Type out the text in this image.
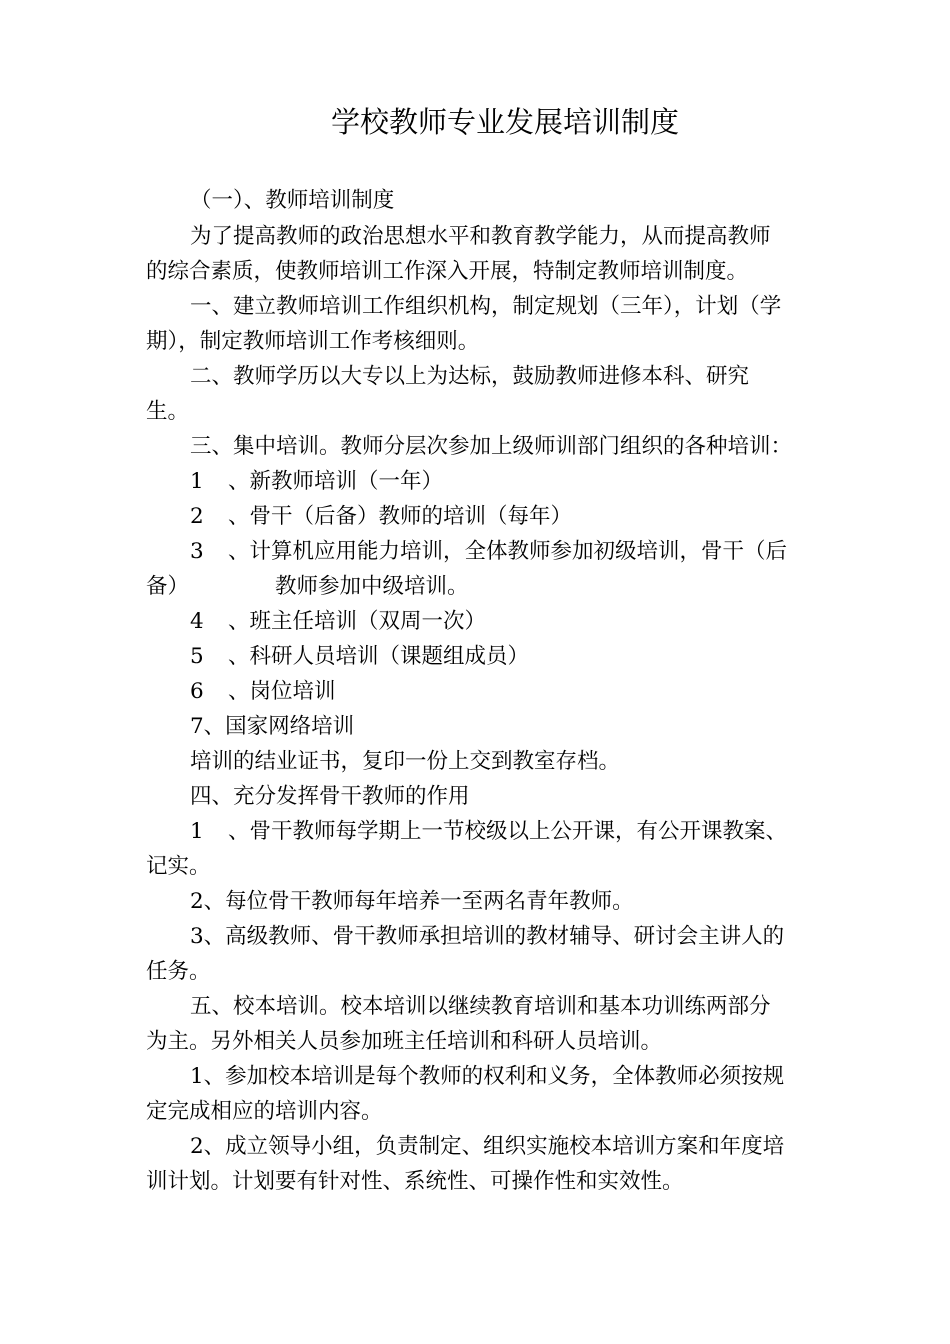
学校教师专业发展培训制度
（一）、教师培训制度
为了提高教师的政治思想水平和教育教学能力，从而提高教师
的综合素质，使教师培训工作深入开展，特制定教师培训制度。
一、建立教师培训工作组织机构，制定规划（三年），计划（学
期），制定教师培训工作考核细则。
二、教师学历以大专以上为达标，鼓励教师进修本科、研究
生。
三、集中培训。教师分层次参加上级师训部门组织的各种培训：
1 、新教师培训（一年）
2 、骨干（后备）教师的培训（每年）
3 、计算机应用能力培训，全体教师参加初级培训，骨干（后
备）	教师参加中级培训。
4 、班主任培训（双周一次）
5 、科研人员培训（课题组成员）
6 、岗位培训
7、国家网络培训
培训的结业证书，复印一份上交到教室存档。
四、充分发挥骨干教师的作用
1 、骨干教师每学期上一节校级以上公开课，有公开课教案、
记实。
2、每位骨干教师每年培养一至两名青年教师。
3、高级教师、骨干教师承担培训的教材辅导、研讨会主讲人的
任务。
五、校本培训。校本培训以继续教育培训和基本功训练两部分
为主。另外相关人员参加班主任培训和科研人员培训。
1、参加校本培训是每个教师的权利和义务，全体教师必须按规
定完成相应的培训内容。
2、成立领导小组，负责制定、组织实施校本培训方案和年度培
训计划。计划要有针对性、系统性、可操作性和实效性。
